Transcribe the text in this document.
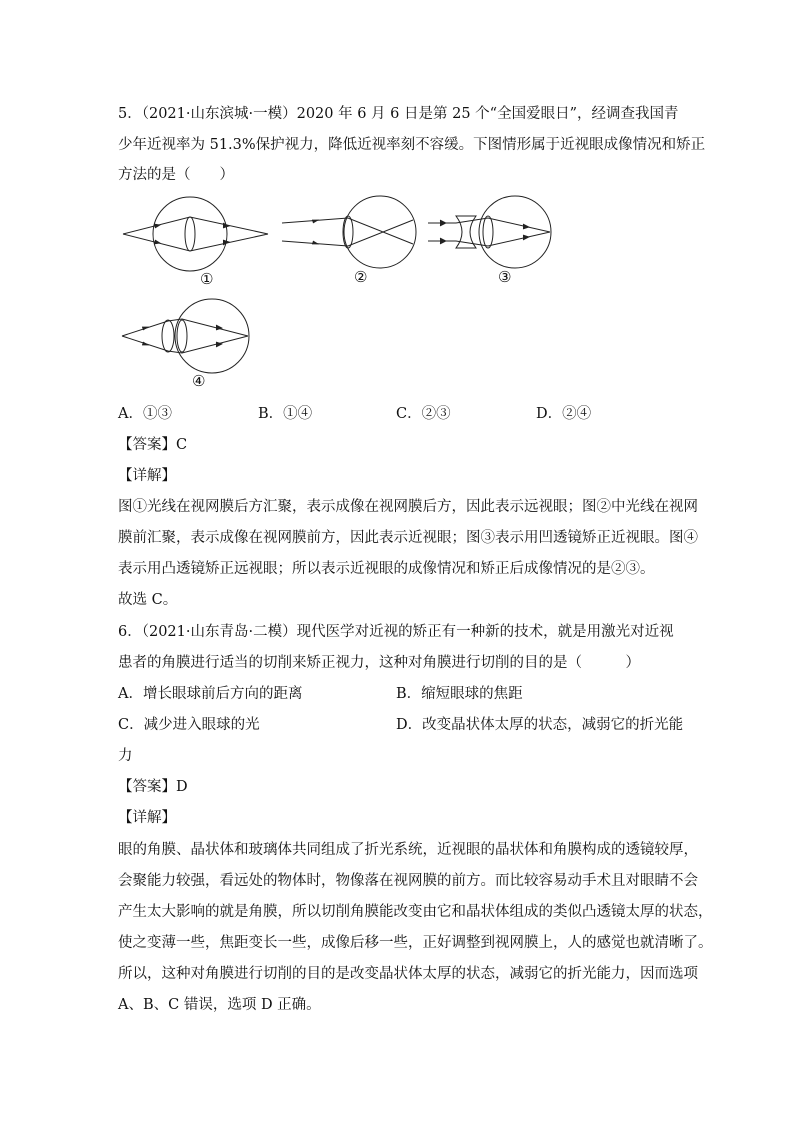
5．（2021·山东滨城·一模）2020 年 6 月 6 日是第 25 个“全国爱眼日”，经调查我国青
少年近视率为 51.3%保护视力，降低近视率刻不容缓。下图情形属于近视眼成像情况和矫正
方法的是（　　）
①	②	③
④
A．①③	B．①④	C．②③	D．②④
【答案】C
【详解】
图①光线在视网膜后方汇聚，表示成像在视网膜后方，因此表示远视眼；图②中光线在视网
膜前汇聚，表示成像在视网膜前方，因此表示近视眼；图③表示用凹透镜矫正近视眼。图④
表示用凸透镜矫正远视眼；所以表示近视眼的成像情况和矫正后成像情况的是②③。
故选 C。
6．（2021·山东青岛·二模）现代医学对近视的矫正有一种新的技术，就是用激光对近视
患者的角膜进行适当的切削来矫正视力，这种对角膜进行切削的目的是（　　　）
A．增长眼球前后方向的距离	B．缩短眼球的焦距
C．减少进入眼球的光	D．改变晶状体太厚的状态，减弱它的折光能
力
【答案】D
【详解】
眼的角膜、晶状体和玻璃体共同组成了折光系统，近视眼的晶状体和角膜构成的透镜较厚，
会聚能力较强，看远处的物体时，物像落在视网膜的前方。而比较容易动手术且对眼睛不会
产生太大影响的就是角膜，所以切削角膜能改变由它和晶状体组成的类似凸透镜太厚的状态，
使之变薄一些，焦距变长一些，成像后移一些，正好调整到视网膜上，人的感觉也就清晰了。
所以，这种对角膜进行切削的目的是改变晶状体太厚的状态，减弱它的折光能力，因而选项
A、B、C 错误，选项 D 正确。
